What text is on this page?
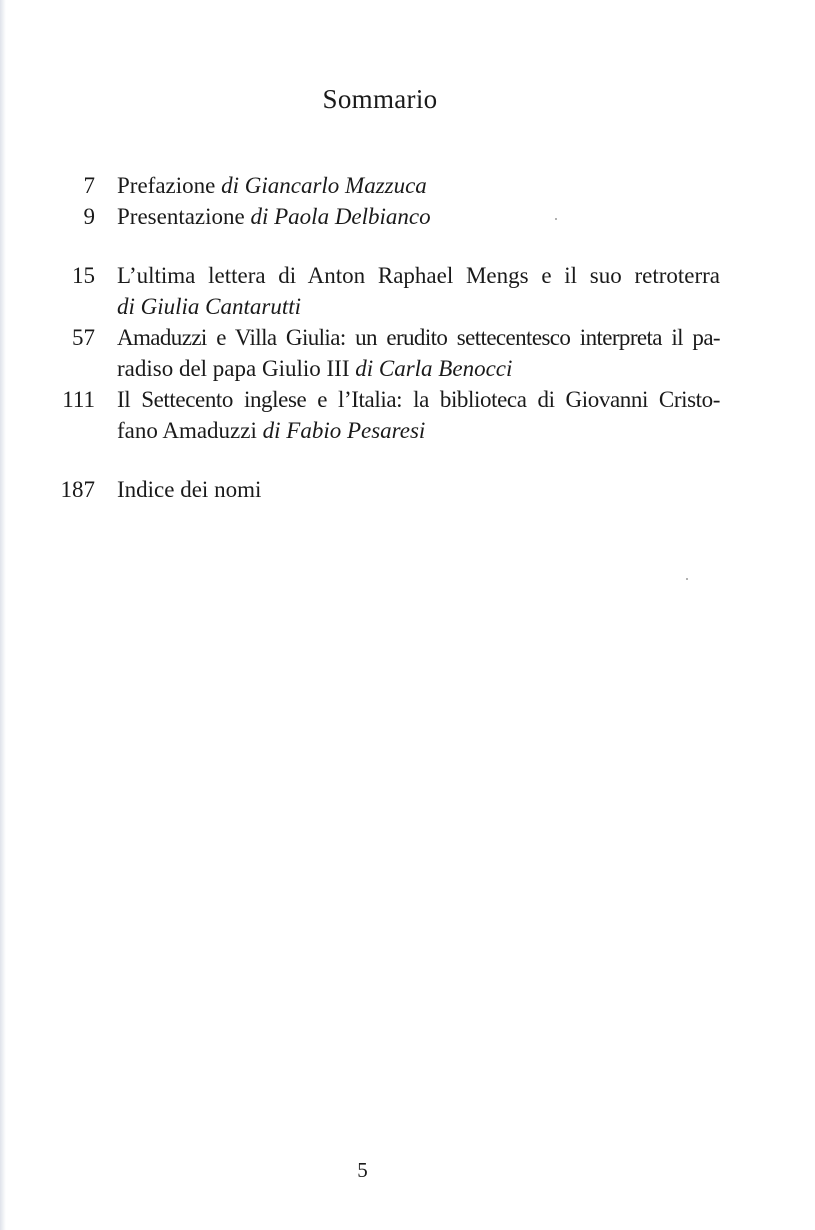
Sommario
7 Prefazione di Giancarlo Mazzuca
9 Presentazione di Paola Delbianco
15 L’ultima lettera di Anton Raphael Mengs e il suo retroterra
di Giulia Cantarutti
57 Amaduzzi e Villa Giulia: un erudito settecentesco interpreta il pa-
radiso del papa Giulio III di Carla Benocci
111 Il Settecento inglese e l’Italia: la biblioteca di Giovanni Cristo-
fano Amaduzzi di Fabio Pesaresi
187 Indice dei nomi
5
